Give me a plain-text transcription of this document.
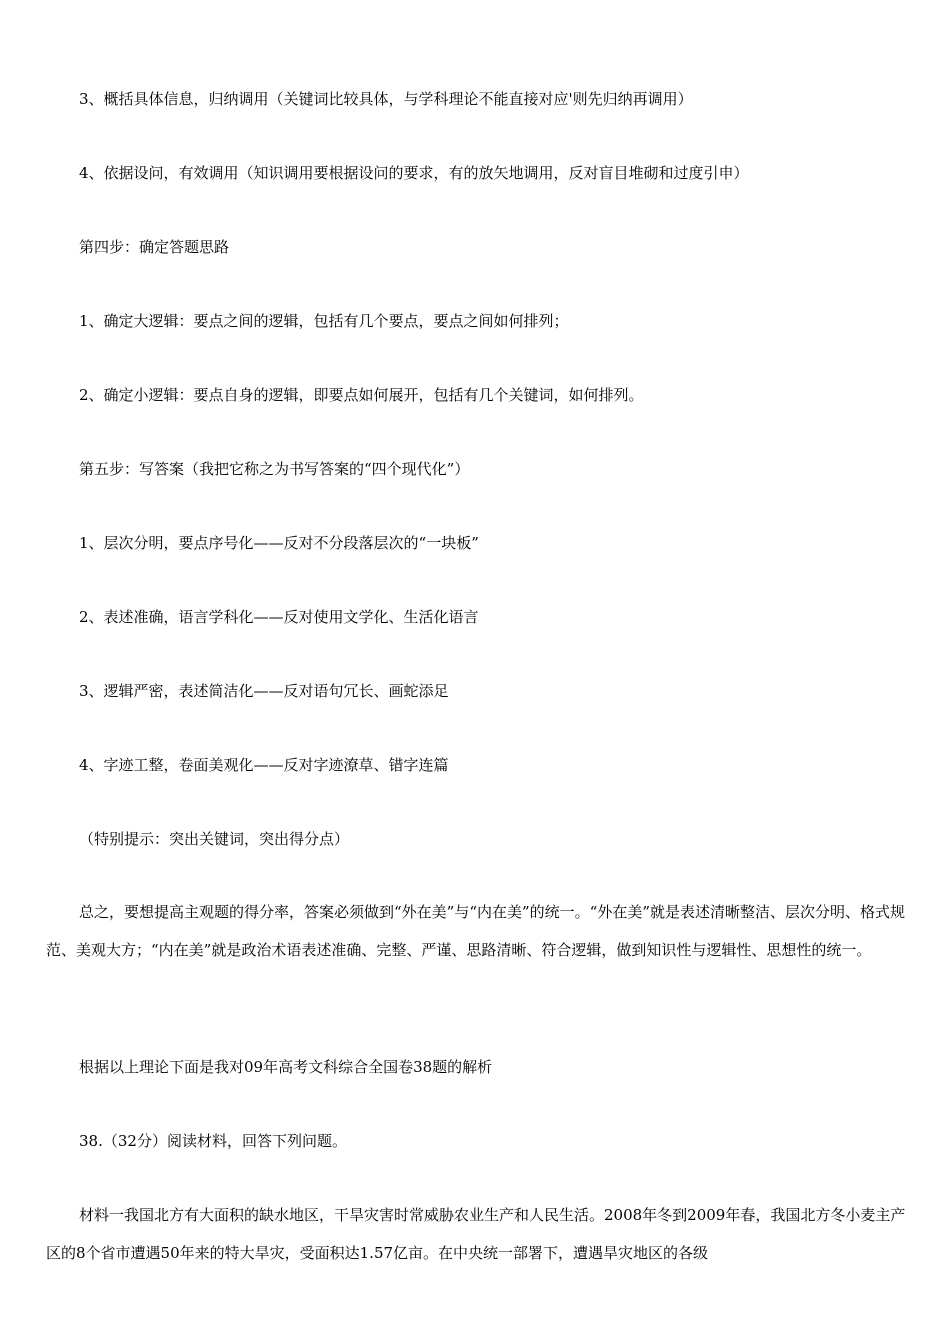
3、概括具体信息，归纳调用（关键词比较具体，与学科理论不能直接对应'则先归纳再调用）
4、依据设问，有效调用（知识调用要根据设问的要求，有的放矢地调用，反对盲目堆砌和过度引申）
第四步：确定答题思路
1、确定大逻辑：要点之间的逻辑，包括有几个要点，要点之间如何排列；
2、确定小逻辑：要点自身的逻辑，即要点如何展开，包括有几个关键词，如何排列。
第五步：写答案（我把它称之为书写答案的“四个现代化”）
1、层次分明，要点序号化——反对不分段落层次的“一块板”
2、表述准确，语言学科化——反对使用文学化、生活化语言
3、逻辑严密，表述简洁化——反对语句冗长、画蛇添足
4、字迹工整，卷面美观化——反对字迹潦草、错字连篇
（特别提示：突出关键词，突出得分点）
总之，要想提高主观题的得分率，答案必须做到“外在美”与“内在美”的统一。“外在美”就是表述清晰整洁、层次分明、格式规范、美观大方；“内在美”就是政治术语表述准确、完整、严谨、思路清晰、符合逻辑，做到知识性与逻辑性、思想性的统一。
根据以上理论下面是我对09年高考文科综合全国卷38题的解析
38.（32分）阅读材料，回答下列问题。
材料一我国北方有大面积的缺水地区，干旱灾害时常威胁农业生产和人民生活。2008年冬到2009年春，我国北方冬小麦主产区的8个省市遭遇50年来的特大旱灾，受面积达1.57亿亩。在中央统一部署下，遭遇旱灾地区的各级
